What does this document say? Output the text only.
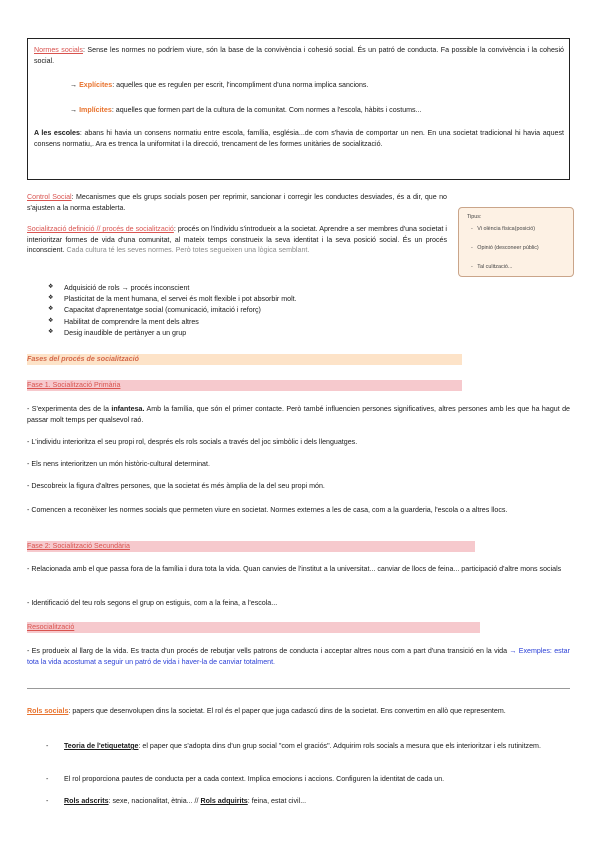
Normes socials: Sense les normes no podríem viure, són la base de la convivència i cohesió social. És un patró de conducta. Fa possible la convivència i la cohesió social.

→ Explícites: aquelles que es regulen per escrit, l'incompliment d'una norma implica sancions.

→ Implícites: aquelles que formen part de la cultura de la comunitat. Com normes a l'escola, hàbits i costums...

A les escoles: abans hi havia un consens normatiu entre escola, família, església...de com s'havia de comportar un nen. En una societat tradicional hi havia aquest consens normatiu,. Ara es trenca la uniformitat i la direcció, trencament de les formes unitàries de socialització.

Control Social: Mecanismes que els grups socials posen per reprimir, sancionar i corregir les conductes desviades, és a dir, que no s'ajusten a la norma establerta.

Socialització definició // procés de socialització: procés on l'individu s'introdueix a la societat. Aprendre a ser membres d'una societat i interioritzar formes de vida d'una comunitat, al mateix temps construeix la seva identitat i la seva posició social. És un procés inconscient. Cada cultura té les seves normes. Però totes segueixen una lògica semblant.

Tipus:
-   Vi olència física(posició)
-   Opinió (desconeer públic)
-   Tal culització...
❖	Adquisició de rols → procés inconscient
❖	Plasticitat de la ment humana, el servei és molt flexible i pot absorbir molt.
❖	Capacitat d'aprenentatge social (comunicació, imitació i reforç)
❖	Habilitat de comprendre la ment dels altres
❖	Desig inaudible de pertànyer a un grup
Fases del procés de socialització
Fase 1. Socialització Primària

- S'experimenta des de la infantesa. Amb la família, que són el primer contacte. Però també influencien persones significatives, altres persones amb les que ha hagut de passar molt temps per qualsevol raó.

- L'individu interioritza el seu propi rol, després els rols socials a través del joc simbòlic i dels llenguatges.

- Els nens interioritzen un món històric-cultural determinat.

- Descobreix la figura d'altres persones, que la societat és més àmplia de la del seu propi món.

- Comencen a reconèixer les normes socials que permeten viure en societat. Normes externes a les de casa, com a la guarderia, l'escola o a altres llocs.

Fase 2: Socialització Secundària

- Relacionada amb el que passa fora de la família i dura tota la vida. Quan canvies de l'institut a la universitat... canviar de llocs de feina... participació d'altre mons socials

- Identificació del teu rols segons el grup on estiguis, com a la feina, a l'escola...

Resocialització

- Es produeix al llarg de la vida. Es tracta d'un procés de rebutjar vells patrons de conducta i acceptar altres nous com a part d'una transició en la vida → Exemples: estar tota la vida acostumat a seguir un patró de vida i haver-la de canviar totalment.

Rols socials: papers que desenvolupen dins la societat. El rol és el paper que juga cadascú dins de la societat. Ens convertim en allò que representem.

-	Teoria de l'etiquetatge: el paper que s'adopta dins d'un grup social "com el graciós". Adquirim rols socials a mesura que els interioritzar i els rutinitzem.
-	El rol proporciona pautes de conducta per a cada context. Implica emocions i accions. Configuren la identitat de cada un.
-	Rols adscrits: sexe, nacionalitat, ètnia... // Rols adquirits: feina, estat civil...
